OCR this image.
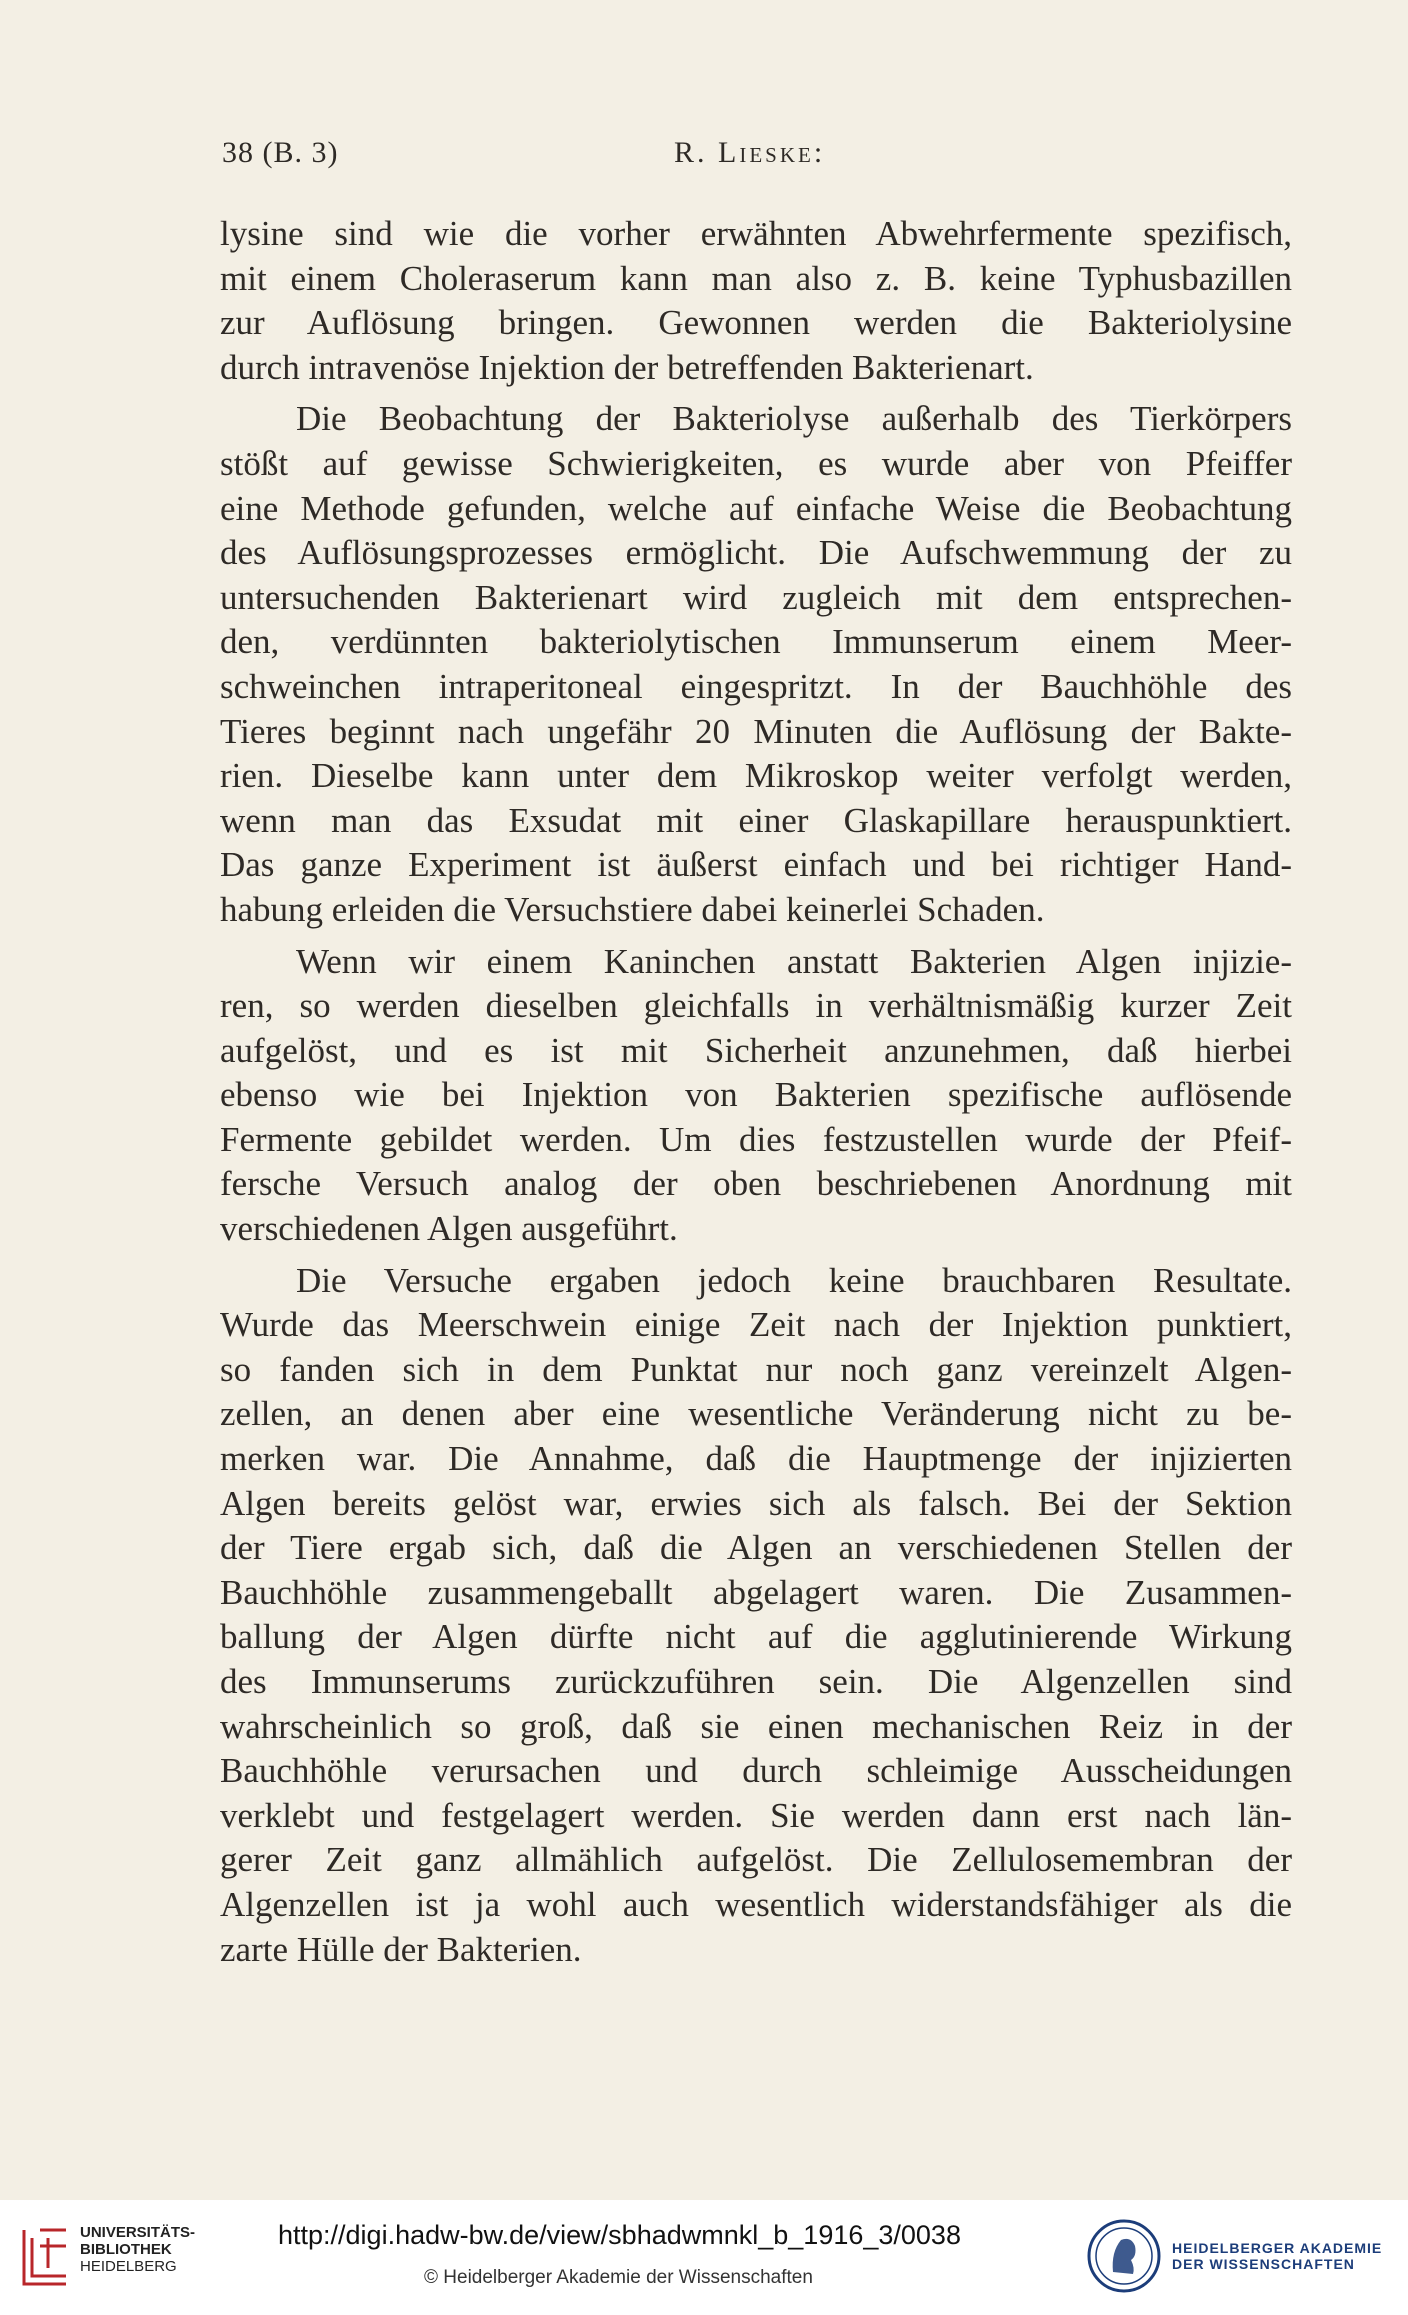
38 (B. 3)	R. Lieske:
lysine sind wie die vorher erwähnten Abwehrfermente spezifisch,
mit einem Choleraserum kann man also z. B. keine Typhusbazillen
zur Auflösung bringen. Gewonnen werden die Bakteriolysine
durch intravenöse Injektion der betreffenden Bakterienart.
Die Beobachtung der Bakteriolyse außerhalb des Tierkörpers
stößt auf gewisse Schwierigkeiten, es wurde aber von Pfeiffer
eine Methode gefunden, welche auf einfache Weise die Beobachtung
des Auflösungsprozesses ermöglicht. Die Aufschwemmung der zu
untersuchenden Bakterienart wird zugleich mit dem entsprechen-
den, verdünnten bakteriolytischen Immunserum einem Meer-
schweinchen intraperitoneal eingespritzt. In der Bauchhöhle des
Tieres beginnt nach ungefähr 20 Minuten die Auflösung der Bakte-
rien. Dieselbe kann unter dem Mikroskop weiter verfolgt werden,
wenn man das Exsudat mit einer Glaskapillare herauspunktiert.
Das ganze Experiment ist äußerst einfach und bei richtiger Hand-
habung erleiden die Versuchstiere dabei keinerlei Schaden.
Wenn wir einem Kaninchen anstatt Bakterien Algen injizie-
ren, so werden dieselben gleichfalls in verhältnismäßig kurzer Zeit
aufgelöst, und es ist mit Sicherheit anzunehmen, daß hierbei
ebenso wie bei Injektion von Bakterien spezifische auflösende
Fermente gebildet werden. Um dies festzustellen wurde der Pfeif-
fersche Versuch analog der oben beschriebenen Anordnung mit
verschiedenen Algen ausgeführt.
Die Versuche ergaben jedoch keine brauchbaren Resultate.
Wurde das Meerschwein einige Zeit nach der Injektion punktiert,
so fanden sich in dem Punktat nur noch ganz vereinzelt Algen-
zellen, an denen aber eine wesentliche Veränderung nicht zu be-
merken war. Die Annahme, daß die Hauptmenge der injizierten
Algen bereits gelöst war, erwies sich als falsch. Bei der Sektion
der Tiere ergab sich, daß die Algen an verschiedenen Stellen der
Bauchhöhle zusammengeballt abgelagert waren. Die Zusammen-
ballung der Algen dürfte nicht auf die agglutinierende Wirkung
des Immunserums zurückzuführen sein. Die Algenzellen sind
wahrscheinlich so groß, daß sie einen mechanischen Reiz in der
Bauchhöhle verursachen und durch schleimige Ausscheidungen
verklebt und festgelagert werden. Sie werden dann erst nach län-
gerer Zeit ganz allmählich aufgelöst. Die Zellulosemembran der
Algenzellen ist ja wohl auch wesentlich widerstandsfähiger als die
zarte Hülle der Bakterien.
UNIVERSITÄTS-
BIBLIOTHEK
HEIDELBERG
http://digi.hadw-bw.de/view/sbhadwmnkl_b_1916_3/0038
© Heidelberger Akademie der Wissenschaften
HEIDELBERGER AKADEMIE
DER WISSENSCHAFTEN
